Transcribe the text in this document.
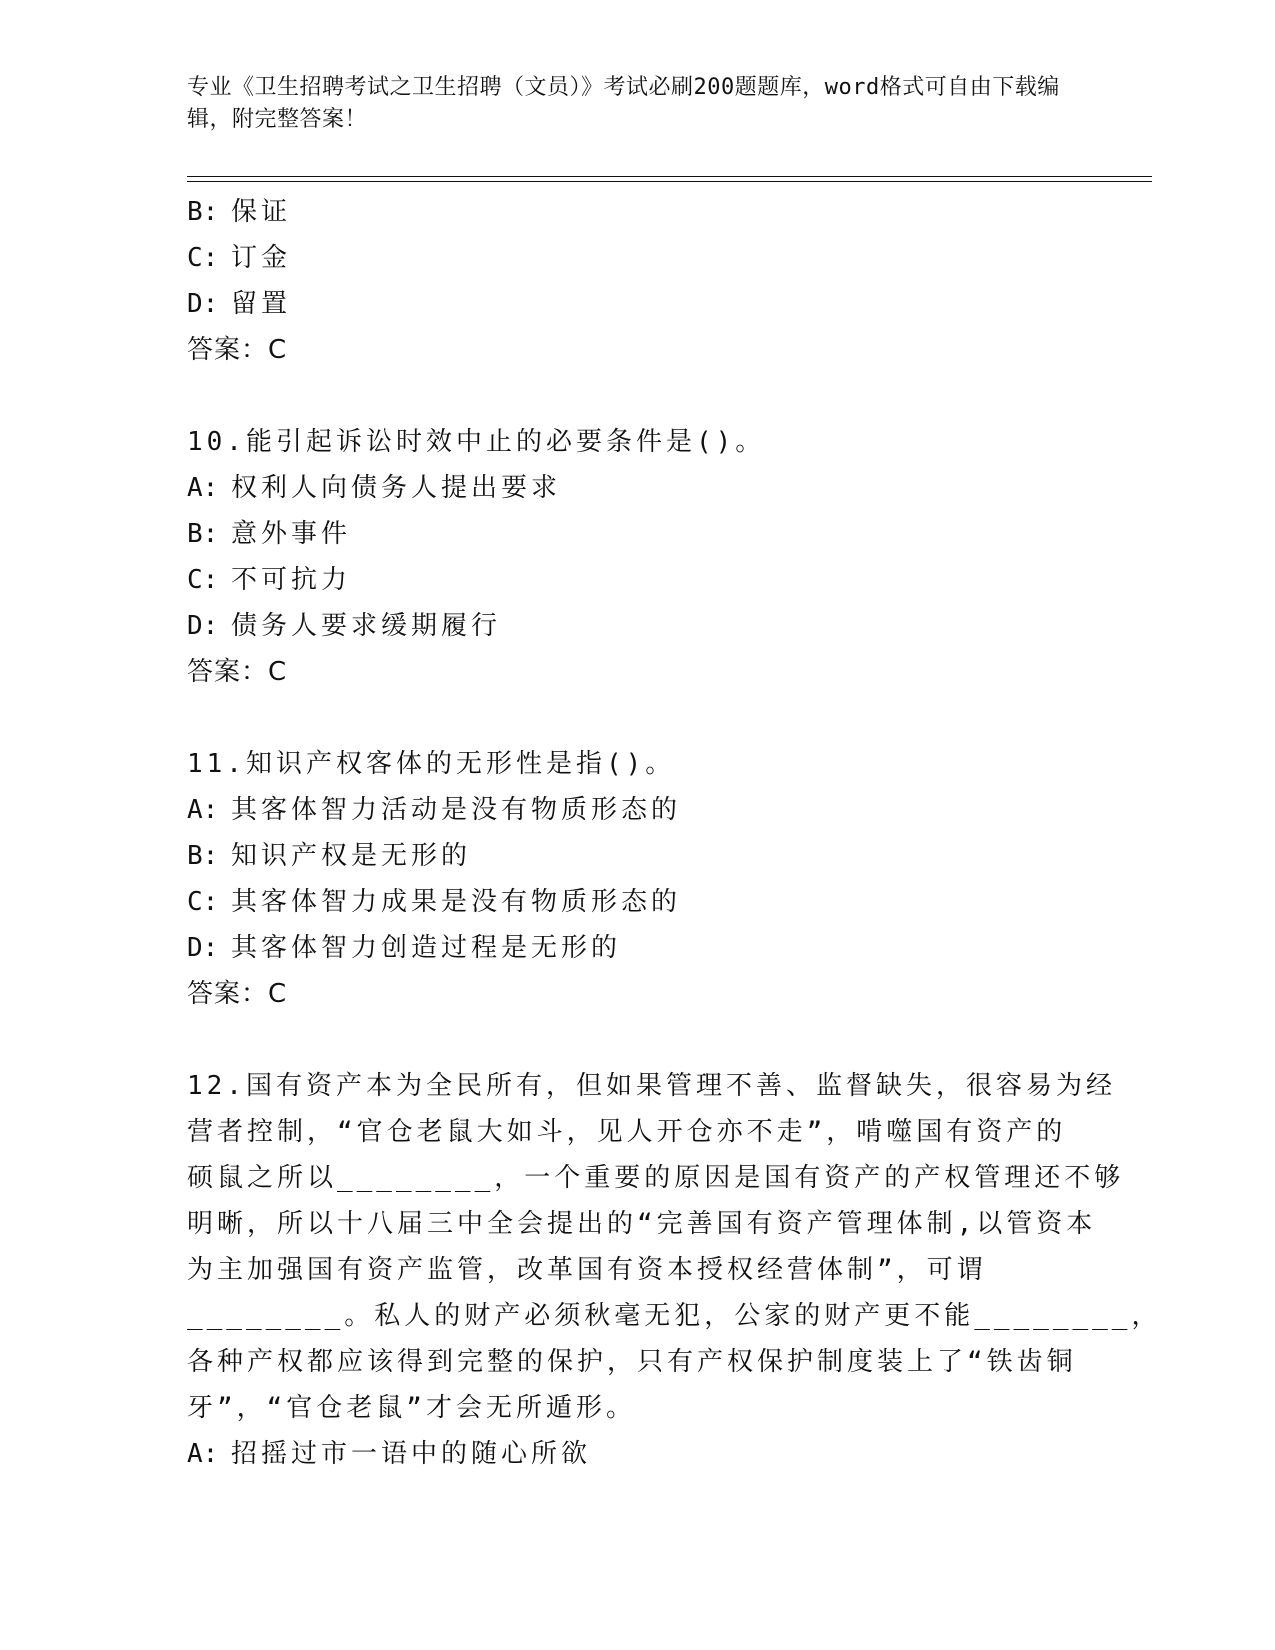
专业《卫生招聘考试之卫生招聘（文员）》考试必刷200题题库，word格式可自由下载编辑，附完整答案！
B: 保证
C: 订金
D: 留置
答案：C
10.能引起诉讼时效中止的必要条件是()。
A: 权利人向债务人提出要求
B: 意外事件
C: 不可抗力
D: 债务人要求缓期履行
答案：C
11.知识产权客体的无形性是指()。
A: 其客体智力活动是没有物质形态的
B: 知识产权是无形的
C: 其客体智力成果是没有物质形态的
D: 其客体智力创造过程是无形的
答案：C
12.国有资产本为全民所有，但如果管理不善、监督缺失，很容易为经
营者控制，“官仓老鼠大如斗，见人开仓亦不走”，啃噬国有资产的
硕鼠之所以________，一个重要的原因是国有资产的产权管理还不够
明晰，所以十八届三中全会提出的“完善国有资产管理体制,以管资本
为主加强国有资产监管，改革国有资本授权经营体制”，可谓
________。私人的财产必须秋毫无犯，公家的财产更不能________，
各种产权都应该得到完整的保护，只有产权保护制度装上了“铁齿铜
牙”，“官仓老鼠”才会无所遁形。
A: 招摇过市一语中的随心所欲
